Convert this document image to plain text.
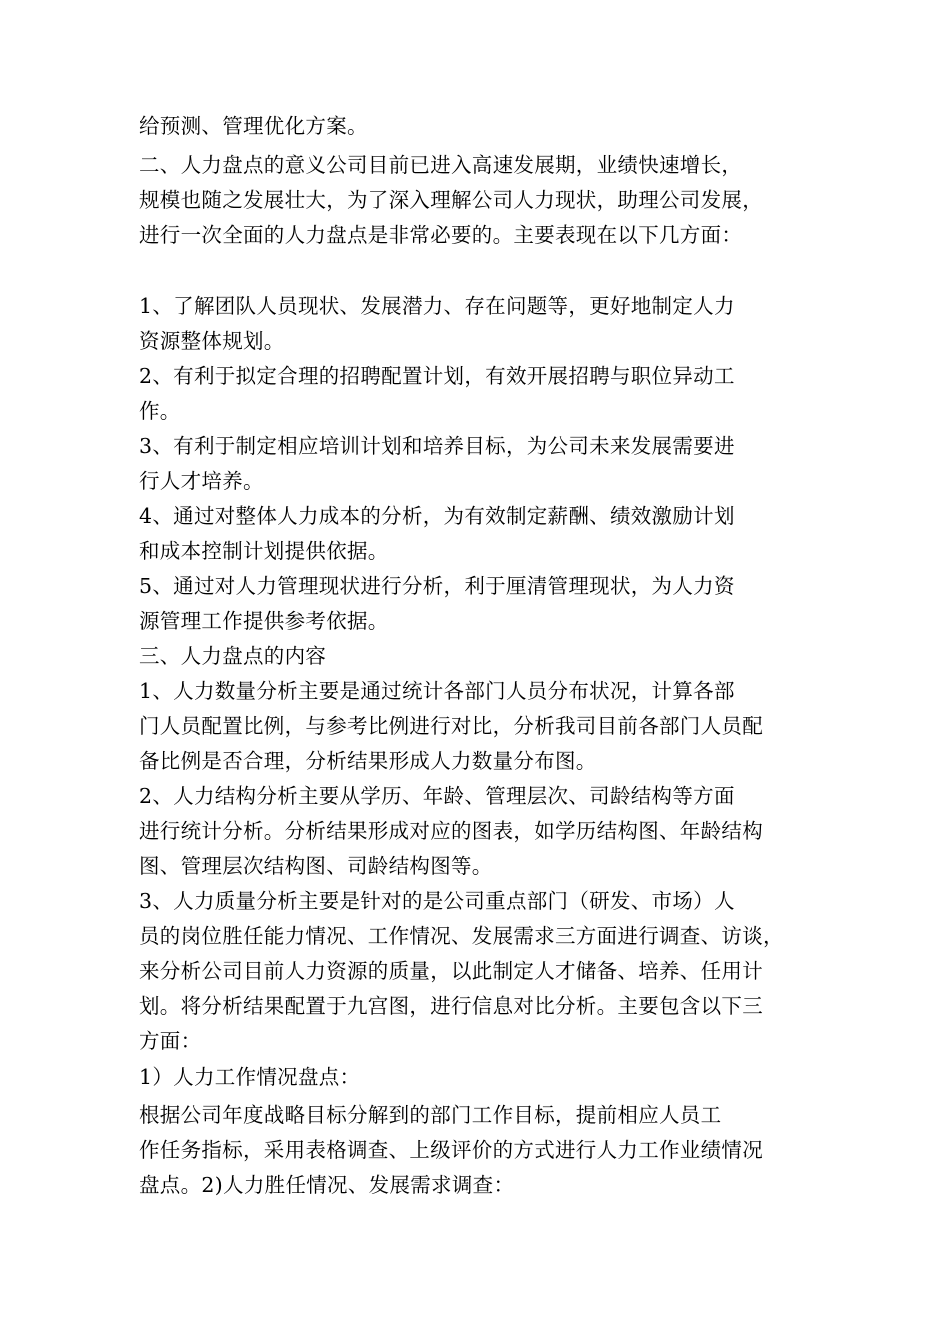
给预测、管理优化方案。
二、人力盘点的意义公司目前已进入高速发展期，业绩快速增长，
规模也随之发展壮大，为了深入理解公司人力现状，助理公司发展，
进行一次全面的人力盘点是非常必要的。主要表现在以下几方面：
1、了解团队人员现状、发展潜力、存在问题等，更好地制定人力
资源整体规划。
2、有利于拟定合理的招聘配置计划，有效开展招聘与职位异动工
作。
3、有利于制定相应培训计划和培养目标，为公司未来发展需要进
行人才培养。
4、通过对整体人力成本的分析，为有效制定薪酬、绩效激励计划
和成本控制计划提供依据。
5、通过对人力管理现状进行分析，利于厘清管理现状，为人力资
源管理工作提供参考依据。
三、人力盘点的内容
1、人力数量分析主要是通过统计各部门人员分布状况，计算各部
门人员配置比例，与参考比例进行对比，分析我司目前各部门人员配
备比例是否合理，分析结果形成人力数量分布图。
2、人力结构分析主要从学历、年龄、管理层次、司龄结构等方面
进行统计分析。分析结果形成对应的图表，如学历结构图、年龄结构
图、管理层次结构图、司龄结构图等。
3、人力质量分析主要是针对的是公司重点部门（研发、市场）人
员的岗位胜任能力情况、工作情况、发展需求三方面进行调查、访谈，
来分析公司目前人力资源的质量，以此制定人才储备、培养、任用计
划。将分析结果配置于九宫图，进行信息对比分析。主要包含以下三
方面：
1）人力工作情况盘点：
根据公司年度战略目标分解到的部门工作目标，提前相应人员工
作任务指标，采用表格调查、上级评价的方式进行人力工作业绩情况
盘点。2)人力胜任情况、发展需求调查：
